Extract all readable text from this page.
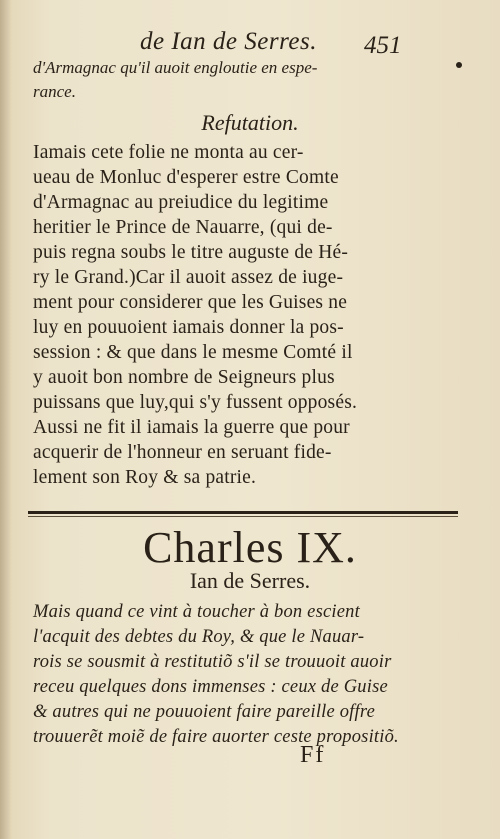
de Ian de Serres. 451
d'Armagnac qu'il auoit engloutie en espe-
rance.
Refutation.
Iamais cete folie ne monta au cer-
ueau de Monluc d'esperer estre Comte
d'Armagnac au preiudice du legitime
heritier le Prince de Nauarre, (qui de-
puis regna soubs le titre auguste de Hé-
ry le Grand.)Car il auoit assez de iuge-
ment pour considerer que les Guises ne
luy en pouuoient iamais donner la pos-
session : & que dans le mesme Comté il
y auoit bon nombre de Seigneurs plus
puissans que luy,qui s'y fussent opposés.
Aussi ne fit il iamais la guerre que pour
acquerir de l'honneur en seruant fide-
lement son Roy & sa patrie.
Charles IX.
Ian de Serres.
Mais quand ce vint à toucher à bon escient
l'acquit des debtes du Roy, & que le Nauar-
rois se sousmit à restitutiõ s'il se trouuoit auoir
receu quelques dons immenses : ceux de Guise
& autres qui ne pouuoient faire pareille offre
trouuerẽt moiẽ de faire auorter ceste propositiõ.
Ff
